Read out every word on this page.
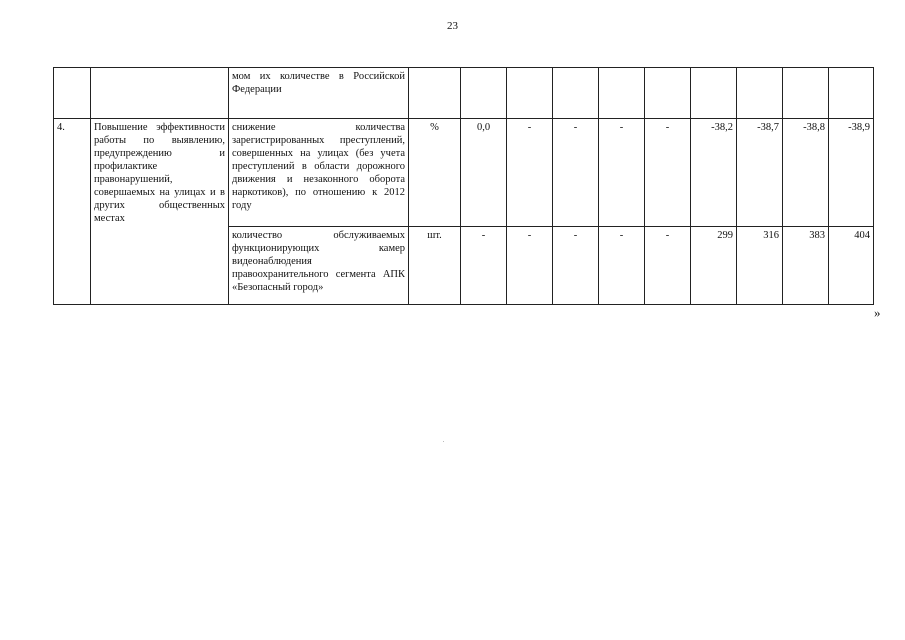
23
		мом их количестве в Российской Федерации										
4.	Повышение эффективности работы по выявлению, предупреждению и профилактике правонарушений, совершаемых на улицах и в других общественных местах	снижение количества зарегистрированных преступлений, совершенных на улицах (без учета преступлений в области дорожного движения и незаконного оборота наркотиков), по отношению к 2012 году	%	0,0	-	-	-	-	-38,2	-38,7	-38,8	-38,9
		количество обслуживаемых функционирующих камер видеонаблюдения правоохранительного сегмента АПК «Безопасный город»	шт.	-	-	-	-	-	299	316	383	404
»
